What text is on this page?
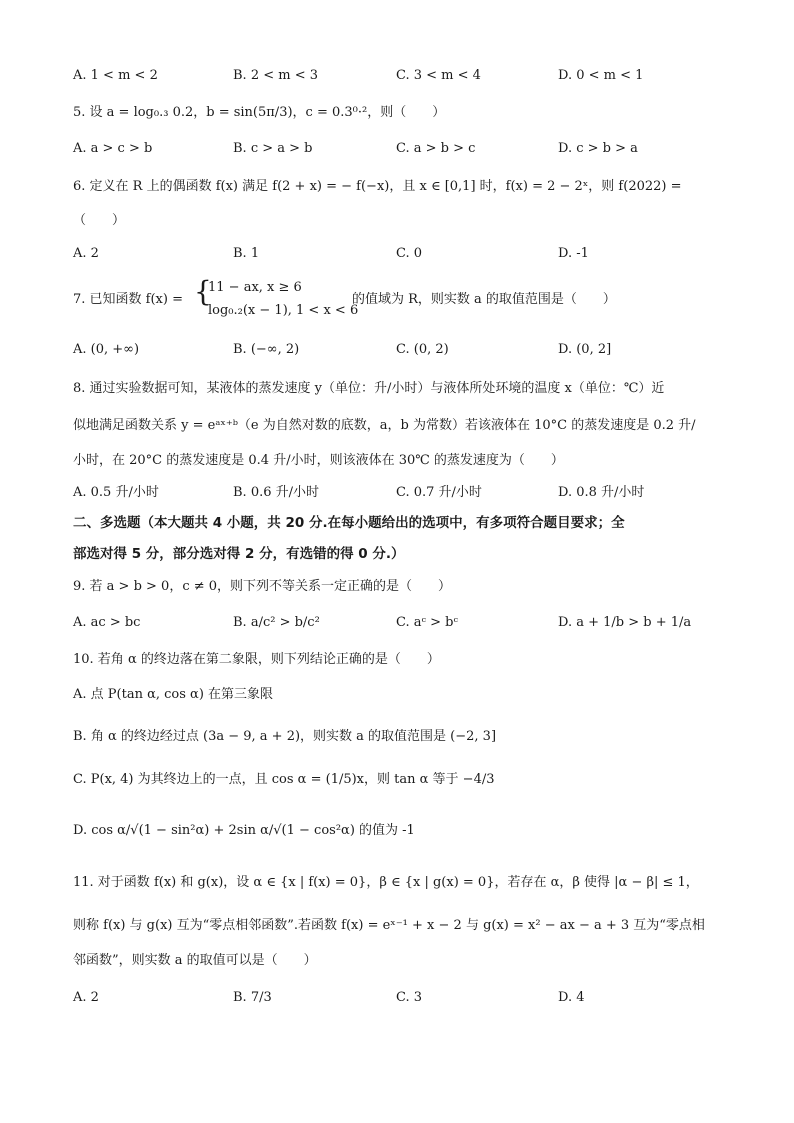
A. 1 < m < 2	B. 2 < m < 3	C. 3 < m < 4	D. 0 < m < 1
5. 设 a = log₀.₃ 0.2，b = sin(5π/3)，c = 0.3⁰·²，则（　　）
A. a > c > b	B. c > a > b	C. a > b > c	D. c > b > a
6. 定义在 R 上的偶函数 f(x) 满足 f(2 + x) = − f(−x)，且 x ∈ [0,1] 时，f(x) = 2 − 2ˣ，则 f(2022) =
（　　）
A. 2	B. 1	C. 0	D. -1
7. 已知函数 f(x) = {
11 − ax, x ≥ 6
log₀.₂(x − 1), 1 < x < 6
的值域为 R，则实数 a 的取值范围是（　　）
A. (0, +∞)	B. (−∞, 2)	C. (0, 2)	D. (0, 2]
8. 通过实验数据可知，某液体的蒸发速度 y（单位：升/小时）与液体所处环境的温度 x（单位：℃）近
似地满足函数关系 y = eᵃˣ⁺ᵇ（e 为自然对数的底数，a，b 为常数）若该液体在 10°C 的蒸发速度是 0.2 升/
小时，在 20°C 的蒸发速度是 0.4 升/小时，则该液体在 30℃ 的蒸发速度为（　　）
A. 0.5 升/小时	B. 0.6 升/小时	C. 0.7 升/小时	D. 0.8 升/小时
二、多选题（本大题共 4 小题，共 20 分.在每小题给出的选项中，有多项符合题目要求；全
部选对得 5 分，部分选对得 2 分，有选错的得 0 分.）
9. 若 a > b > 0，c ≠ 0，则下列不等关系一定正确的是（　　）
A. ac > bc	B. a/c² > b/c²	C. aᶜ > bᶜ	D. a + 1/b > b + 1/a
10. 若角 α 的终边落在第二象限，则下列结论正确的是（　　）
A. 点 P(tan α, cos α) 在第三象限
B. 角 α 的终边经过点 (3a − 9, a + 2)，则实数 a 的取值范围是 (−2, 3]
C. P(x, 4) 为其终边上的一点，且 cos α = (1/5)x，则 tan α 等于 −4/3
D. cos α/√(1 − sin²α) + 2sin α/√(1 − cos²α) 的值为 -1
11. 对于函数 f(x) 和 g(x)，设 α ∈ {x | f(x) = 0}，β ∈ {x | g(x) = 0}，若存在 α，β 使得 |α − β| ≤ 1，
则称 f(x) 与 g(x) 互为“零点相邻函数”.若函数 f(x) = eˣ⁻¹ + x − 2 与 g(x) = x² − ax − a + 3 互为“零点相
邻函数”，则实数 a 的取值可以是（　　）
A. 2	B. 7/3	C. 3	D. 4
